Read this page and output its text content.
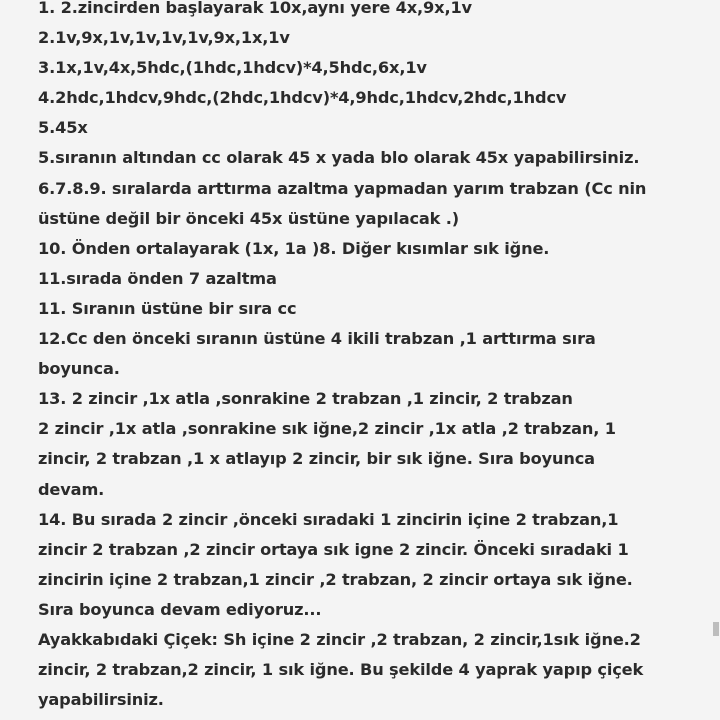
1. 2.zincirden başlayarak 10x,aynı yere 4x,9x,1v
2.1v,9x,1v,1v,1v,1v,9x,1x,1v
3.1x,1v,4x,5hdc,(1hdc,1hdcv)*4,5hdc,6x,1v
4.2hdc,1hdcv,9hdc,(2hdc,1hdcv)*4,9hdc,1hdcv,2hdc,1hdcv
5.45x
5.sıranın altından cc olarak 45 x yada blo olarak 45x yapabilirsiniz.
6.7.8.9. sıralarda arttırma azaltma yapmadan yarım trabzan (Cc nin
üstüne değil bir önceki 45x üstüne yapılacak .)
10. Önden ortalayarak (1x, 1a )8. Diğer kısımlar sık iğne.
11.sırada önden 7 azaltma
11. Sıranın üstüne bir sıra cc
12.Cc den önceki sıranın üstüne 4 ikili trabzan ,1 arttırma sıra
boyunca.
13. 2 zincir ,1x atla ,sonrakine 2 trabzan ,1 zincir, 2 trabzan
2 zincir ,1x atla ,sonrakine sık iğne,2 zincir ,1x atla ,2 trabzan, 1
zincir, 2 trabzan ,1 x atlayıp 2 zincir, bir sık iğne. Sıra boyunca
devam.
14. Bu sırada 2 zincir ,önceki sıradaki 1 zincirin içine 2 trabzan,1
zincir 2 trabzan ,2 zincir ortaya sık igne 2 zincir. Önceki sıradaki 1
zincirin içine 2 trabzan,1 zincir ,2 trabzan, 2 zincir ortaya sık iğne.
Sıra boyunca devam ediyoruz...
Ayakkabıdaki Çiçek: Sh içine 2 zincir ,2 trabzan, 2 zincir,1sık iğne.2
zincir, 2 trabzan,2 zincir, 1 sık iğne. Bu şekilde 4 yaprak yapıp çiçek
yapabilirsiniz.
